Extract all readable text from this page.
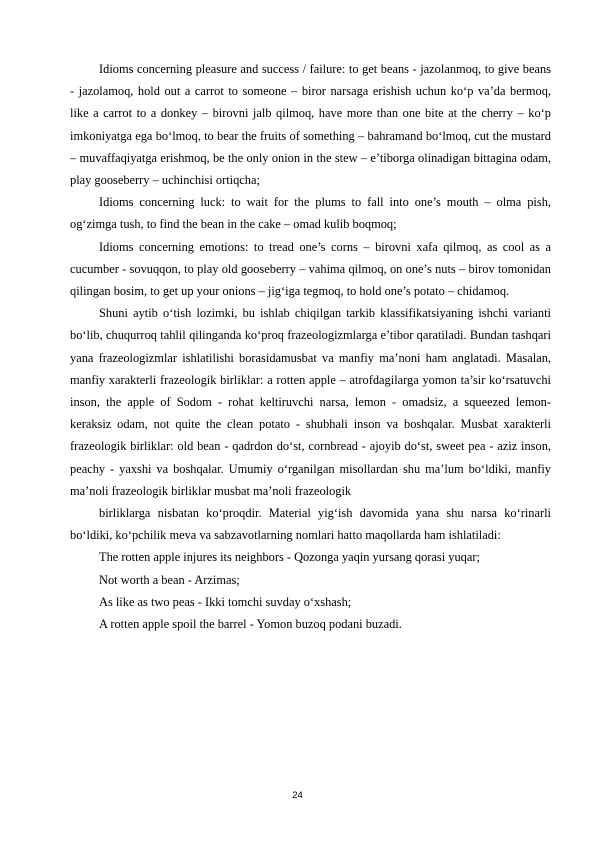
Idioms concerning pleasure and success / failure: to get beans - jazolanmoq, to give beans - jazolamoq, hold out a carrot to someone – biror narsaga erishish uchun ko‘p va’da bermoq, like a carrot to a donkey – birovni jalb qilmoq, have more than one bite at the cherry – ko‘p imkoniyatga ega bo‘lmoq, to bear the fruits of something – bahramand bo‘lmoq, cut the mustard – muvaffaqiyatga erishmoq, be the only onion in the stew – e’tiborga olinadigan bittagina odam, play gooseberry – uchinchisi ortiqcha;

Idioms concerning luck: to wait for the plums to fall into one’s mouth – olma pish, og‘zimga tush, to find the bean in the cake – omad kulib boqmoq;

Idioms concerning emotions: to tread one’s corns – birovni xafa qilmoq, as cool as a cucumber - sovuqqon, to play old gooseberry – vahima qilmoq, on one’s nuts – birov tomonidan qilingan bosim, to get up your onions – jig‘iga tegmoq, to hold one’s potato – chidamoq.

Shuni aytib o‘tish lozimki, bu ishlab chiqilgan tarkib klassifikatsiyaning ishchi varianti bo‘lib, chuqurroq tahlil qilinganda ko‘proq frazeologizmlarga e’tibor qaratiladi. Bundan tashqari yana frazeologizmlar ishlatilishi borasidamusbat va manfiy ma’noni ham anglatadi. Masalan, manfiy xarakterli frazeologik birliklar: a rotten apple – atrofdagilarga yomon ta’sir ko‘rsatuvchi inson, the apple of Sodom - rohat keltiruvchi narsa, lemon - omadsiz, a squeezed lemon- keraksiz odam, not quite the clean potato - shubhali inson va boshqalar. Musbat xarakterli frazeologik birliklar: old bean - qadrdon do‘st, cornbread - ajoyib do‘st, sweet pea - aziz inson, peachy - yaxshi va boshqalar. Umumiy o‘rganilgan misollardan shu ma’lum bo‘ldiki, manfiy ma’noli frazeologik birliklar musbat ma’noli frazeologik

birliklarga nisbatan ko‘proqdir. Material yig‘ish davomida yana shu narsa ko‘rinarli bo‘ldiki, ko‘pchilik meva va sabzavotlarning nomlari hatto maqollarda ham ishlatiladi:

The rotten apple injures its neighbors - Qozonga yaqin yursang qorasi yuqar;

Not worth a bean - Arzimas;

As like as two peas - Ikki tomchi suvday o‘xshash;

A rotten apple spoil the barrel - Yomon buzoq podani buzadi.

24
